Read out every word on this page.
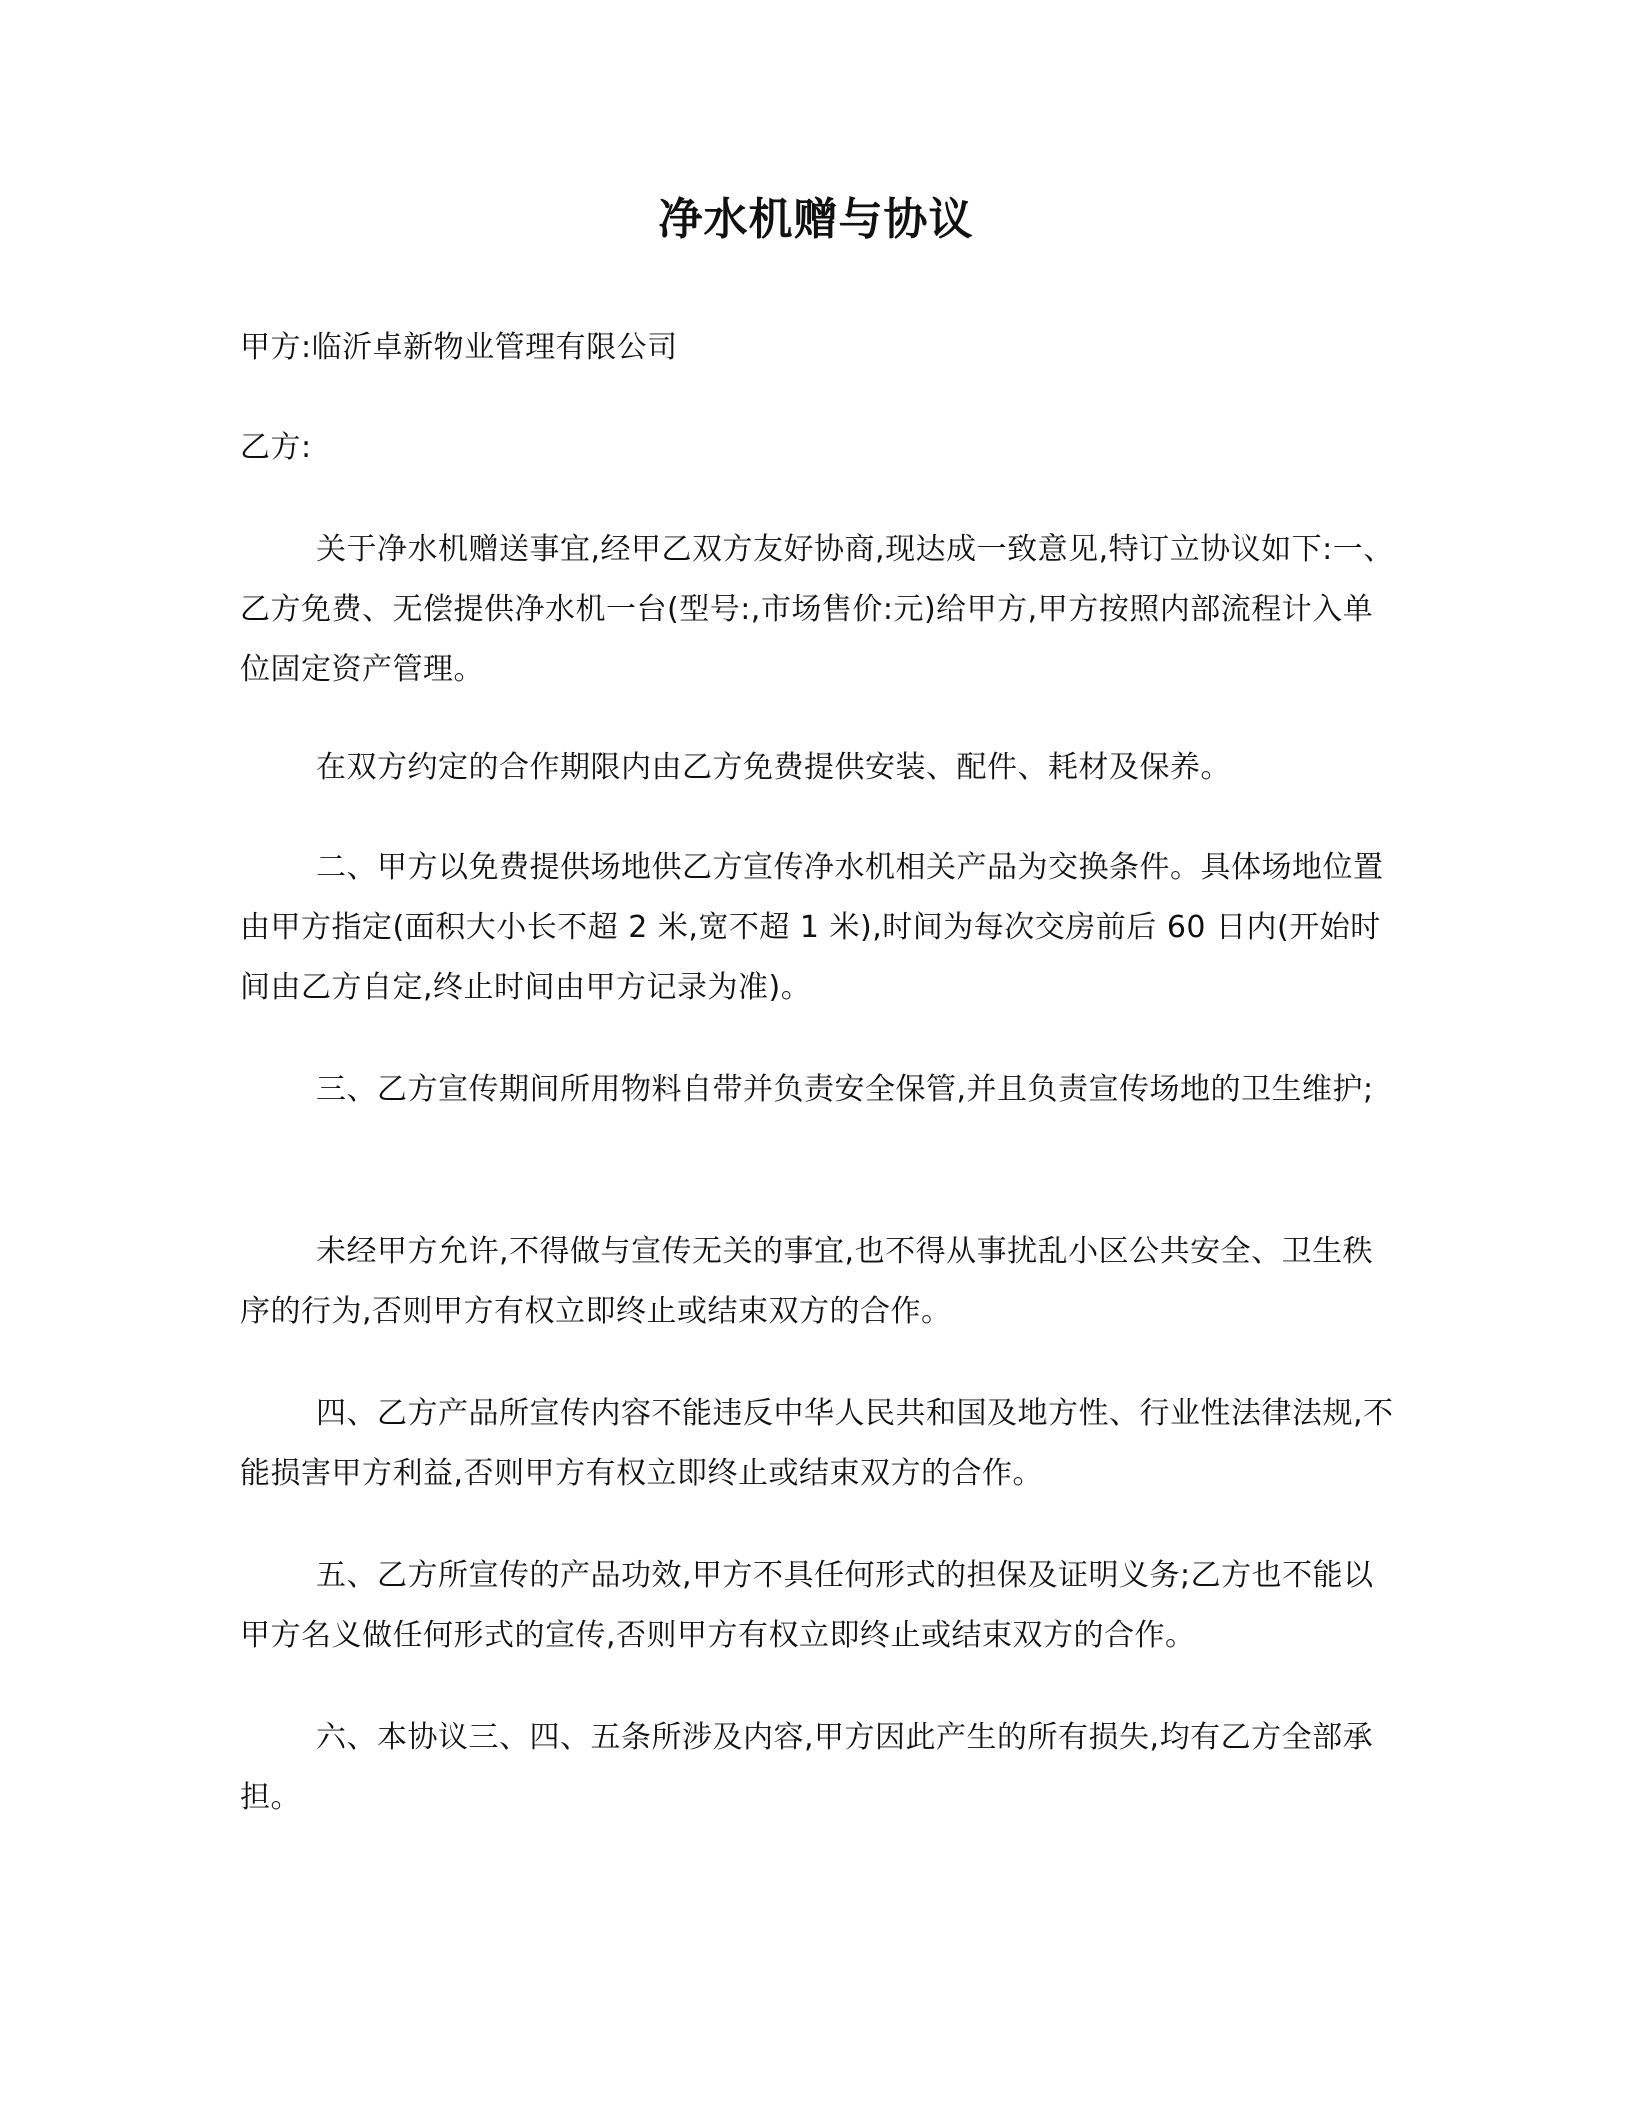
净水机赠与协议
甲方:临沂卓新物业管理有限公司
乙方:
关于净水机赠送事宜,经甲乙双方友好协商,现达成一致意见,特订立协议如下:一、乙方免费、无偿提供净水机一台(型号:,市场售价:元)给甲方,甲方按照内部流程计入单位固定资产管理。
在双方约定的合作期限内由乙方免费提供安装、配件、耗材及保养。
二、甲方以免费提供场地供乙方宣传净水机相关产品为交换条件。具体场地位置由甲方指定(面积大小长不超 2 米,宽不超 1 米),时间为每次交房前后 60 日内(开始时间由乙方自定,终止时间由甲方记录为准)。
三、乙方宣传期间所用物料自带并负责安全保管,并且负责宣传场地的卫生维护;
未经甲方允许,不得做与宣传无关的事宜,也不得从事扰乱小区公共安全、卫生秩序的行为,否则甲方有权立即终止或结束双方的合作。
四、乙方产品所宣传内容不能违反中华人民共和国及地方性、行业性法律法规,不能损害甲方利益,否则甲方有权立即终止或结束双方的合作。
五、乙方所宣传的产品功效,甲方不具任何形式的担保及证明义务;乙方也不能以甲方名义做任何形式的宣传,否则甲方有权立即终止或结束双方的合作。
六、本协议三、四、五条所涉及内容,甲方因此产生的所有损失,均有乙方全部承担。
